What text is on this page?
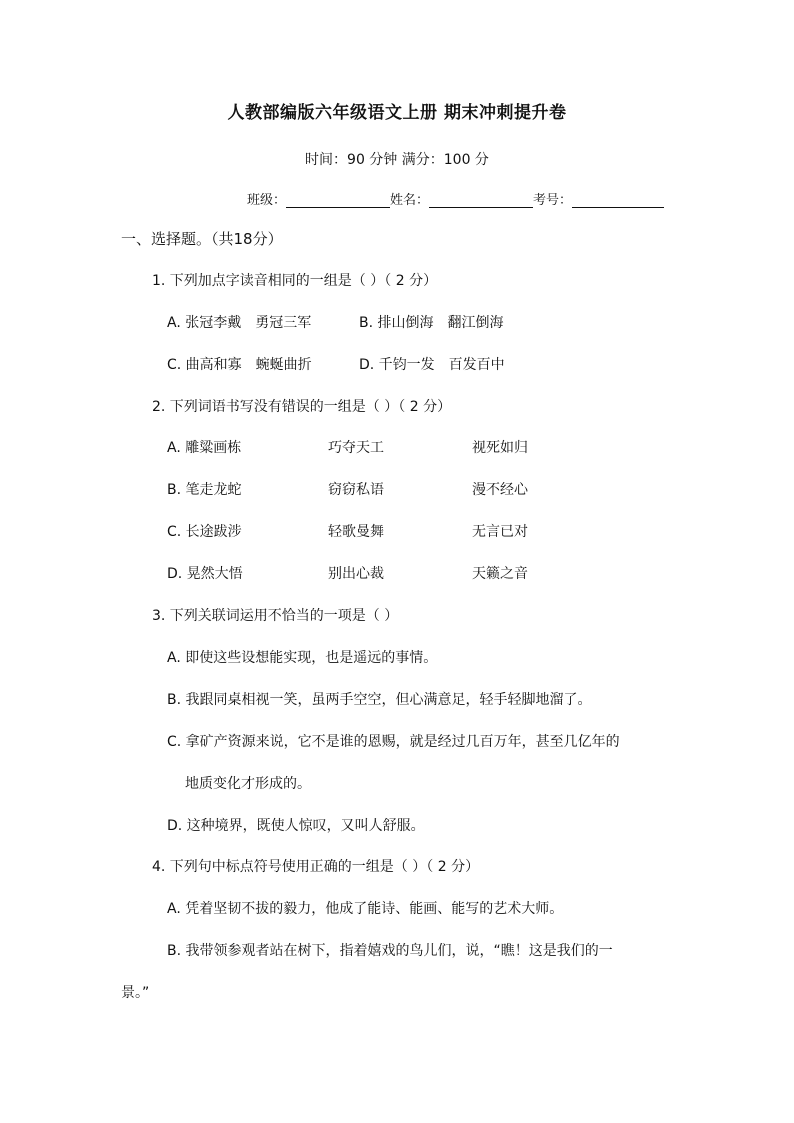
人教部编版六年级语文上册 期末冲刺提升卷
时间：90 分钟 满分：100 分
班级：	姓名：	考号：
一、选择题。（共18分）
1. 下列加点字读音相同的一组是（ ）（ 2 分）
A. 张冠李戴　勇冠三军	B. 排山倒海　翻江倒海
C. 曲高和寡　蜿蜒曲折	D. 千钧一发　百发百中
2. 下列词语书写没有错误的一组是（ ）（ 2 分）
A. 雕粱画栋	巧夺天工	视死如归
B. 笔走龙蛇	窃窃私语	漫不经心
C. 长途跋涉	轻歌曼舞	无言已对
D. 晃然大悟	别出心裁	天籁之音
3. 下列关联词运用不恰当的一项是（ ）
A. 即使这些设想能实现，也是遥远的事情。
B. 我跟同桌相视一笑，虽两手空空，但心满意足，轻手轻脚地溜了。
C. 拿矿产资源来说，它不是谁的恩赐，就是经过几百万年，甚至几亿年的
地质变化才形成的。
D. 这种境界，既使人惊叹，又叫人舒服。
4. 下列句中标点符号使用正确的一组是（ ）（ 2 分）
A. 凭着坚韧不拔的毅力，他成了能诗、能画、能写的艺术大师。
B. 我带领参观者站在树下，指着嬉戏的鸟儿们，说，“瞧！这是我们的一
景。”
